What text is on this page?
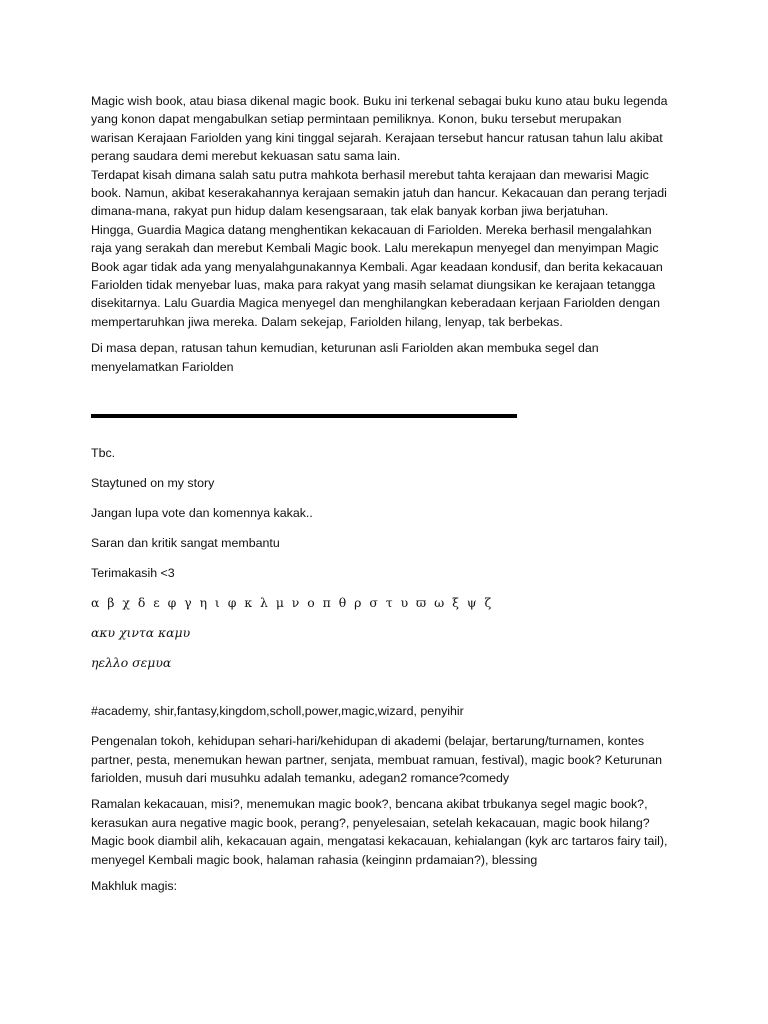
Magic wish book, atau biasa dikenal magic book. Buku ini terkenal sebagai buku kuno atau buku legenda
yang konon dapat mengabulkan setiap permintaan pemiliknya. Konon, buku tersebut merupakan
warisan Kerajaan Fariolden yang kini tinggal sejarah. Kerajaan tersebut hancur ratusan tahun lalu akibat
perang saudara demi merebut kekuasan satu sama lain.
Terdapat kisah dimana salah satu putra mahkota berhasil merebut tahta kerajaan dan mewarisi Magic
book. Namun, akibat keserakahannya kerajaan semakin jatuh dan hancur. Kekacauan dan perang terjadi
dimana-mana, rakyat pun hidup dalam kesengsaraan, tak elak banyak korban jiwa berjatuhan.
Hingga, Guardia Magica datang menghentikan kekacauan di Fariolden. Mereka berhasil mengalahkan
raja yang serakah dan merebut Kembali Magic book. Lalu merekapun menyegel dan menyimpan Magic
Book agar tidak ada yang menyalahgunakannya Kembali. Agar keadaan kondusif, dan berita kekacauan
Fariolden tidak menyebar luas, maka para rakyat yang masih selamat diungsikan ke kerajaan tetangga
disekitarnya. Lalu Guardia Magica menyegel dan menghilangkan keberadaan kerjaan Fariolden dengan
mempertaruhkan jiwa mereka. Dalam sekejap, Fariolden hilang, lenyap, tak berbekas.
Di masa depan, ratusan tahun kemudian, keturunan asli Fariolden akan membuka segel dan
menyelamatkan Fariolden
Tbc.
Staytuned on my story
Jangan lupa vote dan komennya kakak..
Saran dan kritik sangat membantu
Terimakasih <3
α β χ δ ε φ γ η ι φ κ λ μ ν ο π θ ρ σ τ υ ϖ ω ξ ψ ζ
ακυ χιντα καμυ
ηελλο σεμυα
#academy, shir,fantasy,kingdom,scholl,power,magic,wizard, penyihir
Pengenalan tokoh, kehidupan sehari-hari/kehidupan di akademi (belajar, bertarung/turnamen, kontes
partner, pesta, menemukan hewan partner, senjata, membuat ramuan, festival), magic book? Keturunan
fariolden, musuh dari musuhku adalah temanku, adegan2 romance?comedy
Ramalan kekacauan, misi?, menemukan magic book?, bencana akibat trbukanya segel magic book?,
kerasukan aura negative magic book, perang?, penyelesaian, setelah kekacauan, magic book hilang?
Magic book diambil alih, kekacauan again, mengatasi kekacauan, kehialangan (kyk arc tartaros fairy tail),
menyegel Kembali magic book, halaman rahasia (keinginn prdamaian?), blessing
Makhluk magis:
